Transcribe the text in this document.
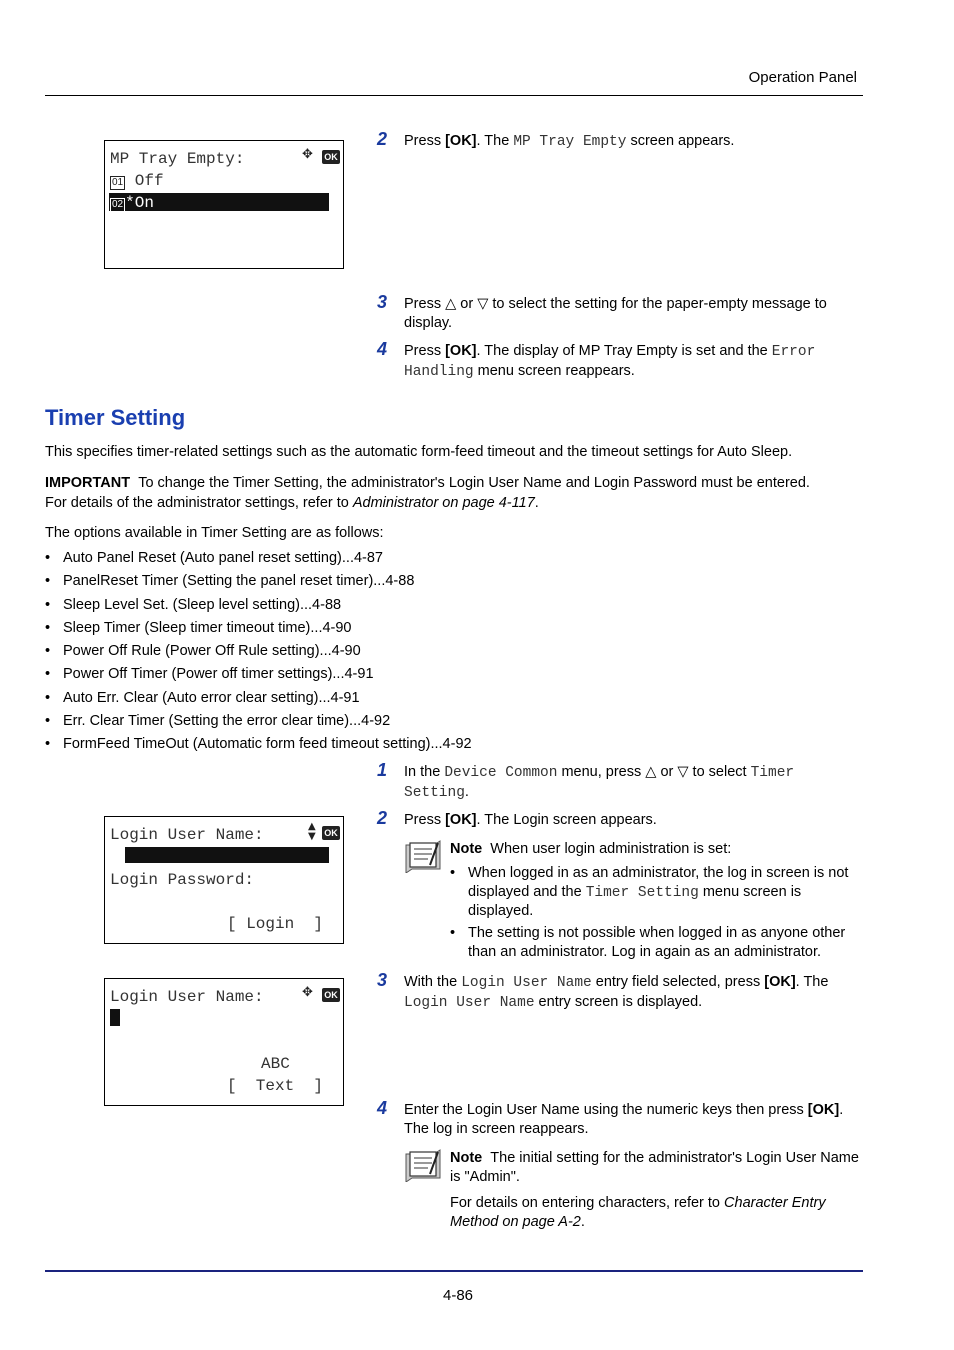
Operation Panel
MP Tray Empty:	✥ OK
01 Off
02 *On
2 Press [OK]. The MP Tray Empty screen appears.
3 Press △ or ▽ to select the setting for the paper-empty message to display.
4 Press [OK]. The display of MP Tray Empty is set and the Error Handling menu screen reappears.
Timer Setting
This specifies timer-related settings such as the automatic form-feed timeout and the timeout settings for Auto Sleep.
IMPORTANT To change the Timer Setting, the administrator's Login User Name and Login Password must be entered. For details of the administrator settings, refer to Administrator on page 4-117.
The options available in Timer Setting are as follows:
• Auto Panel Reset (Auto panel reset setting)...4-87
• PanelReset Timer (Setting the panel reset timer)...4-88
• Sleep Level Set. (Sleep level setting)...4-88
• Sleep Timer (Sleep timer timeout time)...4-90
• Power Off Rule (Power Off Rule setting)...4-90
• Power Off Timer (Power off timer settings)...4-91
• Auto Err. Clear (Auto error clear setting)...4-91
• Err. Clear Timer (Setting the error clear time)...4-92
• FormFeed TimeOut (Automatic form feed timeout setting)...4-92
Login User Name:	▲
▼ OK
Login Password:
[ Login  ]
Login User Name:	✥ OK
ABC
[  Text  ]
1 In the Device Common menu, press △ or ▽ to select Timer Setting.
2 Press [OK]. The Login screen appears.
Note When user login administration is set:
• When logged in as an administrator, the log in screen is not displayed and the Timer Setting menu screen is displayed.
• The setting is not possible when logged in as anyone other than an administrator. Log in again as an administrator.
3 With the Login User Name entry field selected, press [OK]. The Login User Name entry screen is displayed.
4 Enter the Login User Name using the numeric keys then press [OK]. The log in screen reappears.
Note The initial setting for the administrator's Login User Name is "Admin".
For details on entering characters, refer to Character Entry Method on page A-2.
4-86
